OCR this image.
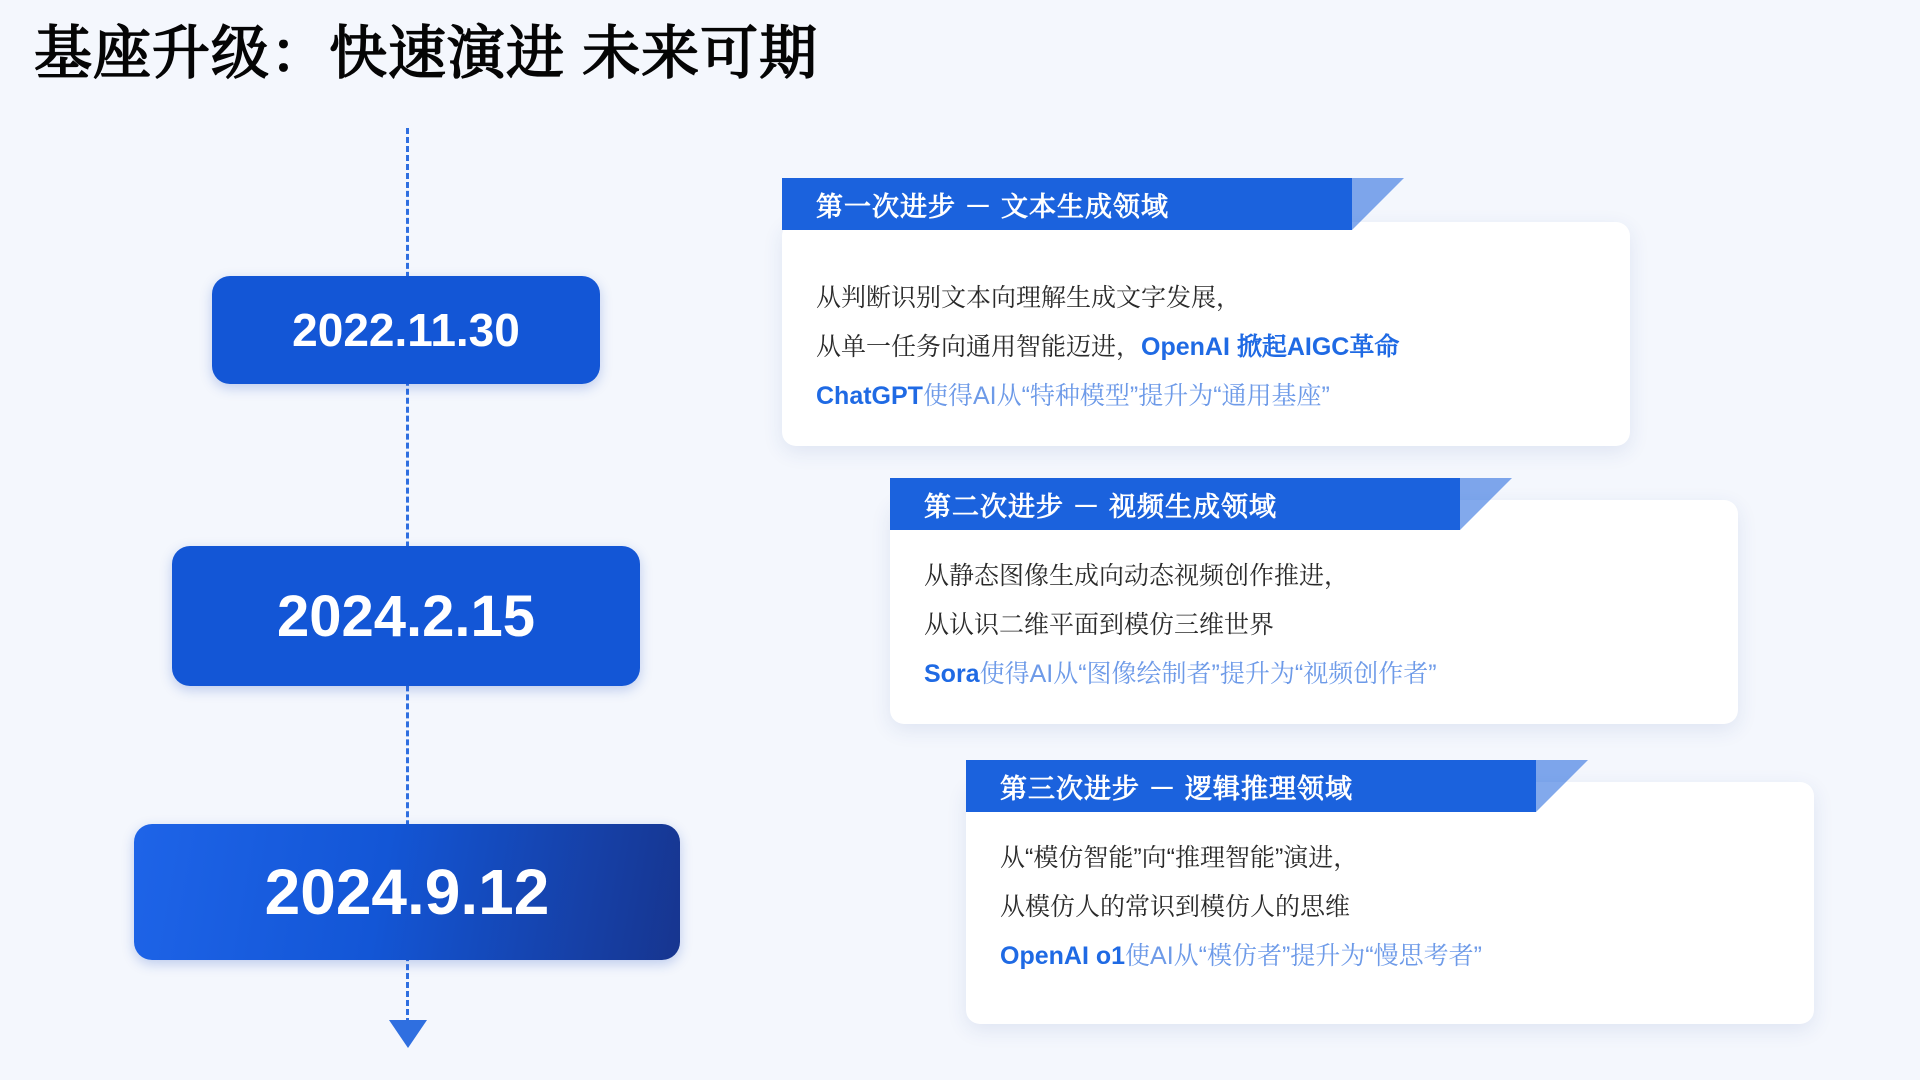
基座升级：快速演进 未来可期
2022.11.30
2024.2.15
2024.9.12
第一次进步 － 文本生成领域
从判断识别文本向理解生成文字发展，
从单一任务向通用智能迈进，OpenAI 掀起AIGC革命
ChatGPT使得AI从“特种模型”提升为“通用基座”
第二次进步 － 视频生成领域
从静态图像生成向动态视频创作推进，
从认识二维平面到模仿三维世界
Sora使得AI从“图像绘制者”提升为“视频创作者”
第三次进步 － 逻辑推理领域
从“模仿智能”向“推理智能”演进，
从模仿人的常识到模仿人的思维
OpenAI o1使AI从“模仿者”提升为“慢思考者”
